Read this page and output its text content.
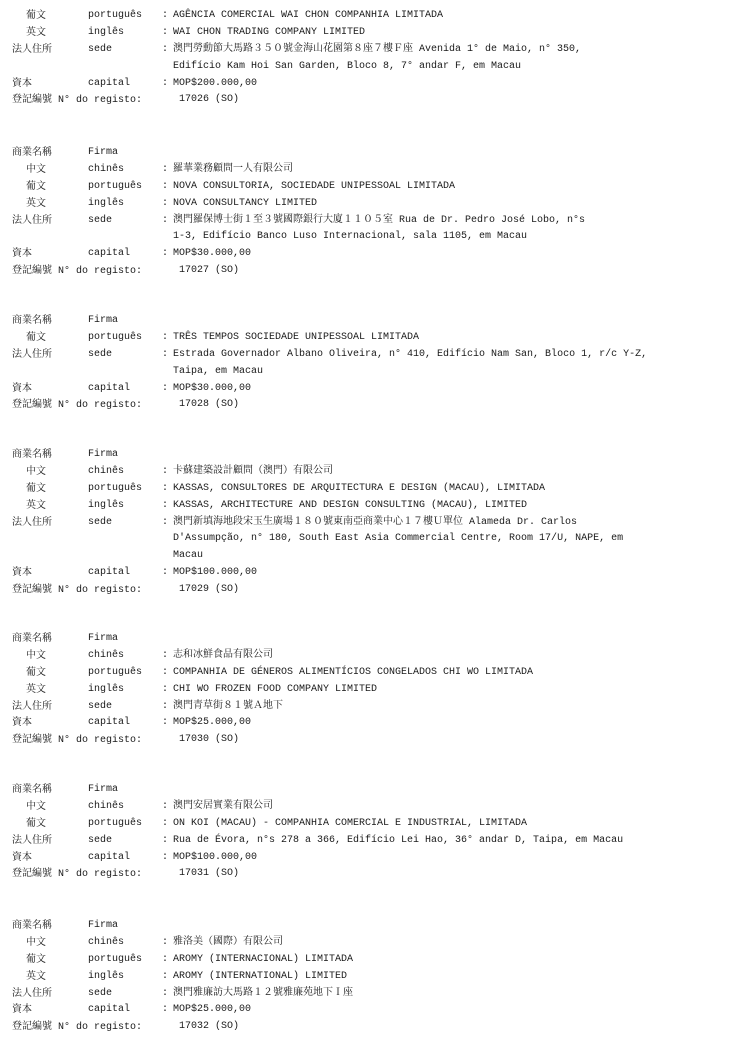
葡文	português : AGÊNCIA COMERCIAL WAI CHON COMPANHIA LIMITADA
英文	inglês	: WAI CHON TRADING COMPANY LIMITED
法人住所	sede	: 澳門勞動節大馬路３５０號金海山花園第８座７樓Ｆ座 Avenida 1° de Maio, n° 350,
Edifício Kam Hoi San Garden, Bloco 8, 7° andar F, em Macau
資本	capital	: MOP$200.000,00
登記編號 N° do registo:	17026 (SO)
商業名稱	Firma
中文	chinês	: 羅華業務顧問一人有限公司
葡文	português : NOVA CONSULTORIA, SOCIEDADE UNIPESSOAL LIMITADA
英文	inglês	: NOVA CONSULTANCY LIMITED
法人住所	sede	: 澳門羅保博士街１至３號國際銀行大廈１１０５室 Rua de Dr. Pedro José Lobo, n°s
1-3, Edifício Banco Luso Internacional, sala 1105, em Macau
資本	capital	: MOP$30.000,00
登記編號 N° do registo:	17027 (SO)
商業名稱	Firma
葡文	português : TRÊS TEMPOS SOCIEDADE UNIPESSOAL LIMITADA
法人住所	sede	: Estrada Governador Albano Oliveira, n° 410, Edifício Nam San, Bloco 1, r/c Y-Z,
Taipa, em Macau
資本	capital	: MOP$30.000,00
登記編號 N° do registo:	17028 (SO)
商業名稱	Firma
中文	chinês	: 卡蘇建築設計顧問（澳門）有限公司
葡文	português : KASSAS, CONSULTORES DE ARQUITECTURA E DESIGN (MACAU), LIMITADA
英文	inglês	: KASSAS, ARCHITECTURE AND DESIGN CONSULTING (MACAU), LIMITED
法人住所	sede	: 澳門新填海地段宋玉生廣場１８０號東南亞商業中心１７樓Ｕ單位 Alameda Dr. Carlos
D'Assumpção, n° 180, South East Asia Commercial Centre, Room 17/U, NAPE, em
Macau
資本	capital	: MOP$100.000,00
登記編號 N° do registo:	17029 (SO)
商業名稱	Firma
中文	chinês	: 志和冰鮮食品有限公司
葡文	português : COMPANHIA DE GÉNEROS ALIMENTÍCIOS CONGELADOS CHI WO LIMITADA
英文	inglês	: CHI WO FROZEN FOOD COMPANY LIMITED
法人住所	sede	: 澳門青草街８１號Ａ地下
資本	capital	: MOP$25.000,00
登記編號 N° do registo:	17030 (SO)
商業名稱	Firma
中文	chinês	: 澳門安居實業有限公司
葡文	português : ON KOI (MACAU) - COMPANHIA COMERCIAL E INDUSTRIAL, LIMITADA
法人住所	sede	: Rua de Évora, n°s 278 a 366, Edifício Lei Hao, 36° andar D, Taipa, em Macau
資本	capital	: MOP$100.000,00
登記編號 N° do registo:	17031 (SO)
商業名稱	Firma
中文	chinês	: 雅洛美（國際）有限公司
葡文	português : AROMY (INTERNACIONAL) LIMITADA
英文	inglês	: AROMY (INTERNATIONAL) LIMITED
法人住所	sede	: 澳門雅廉訪大馬路１２號雅廉苑地下Ｉ座
資本	capital	: MOP$25.000,00
登記編號 N° do registo:	17032 (SO)
